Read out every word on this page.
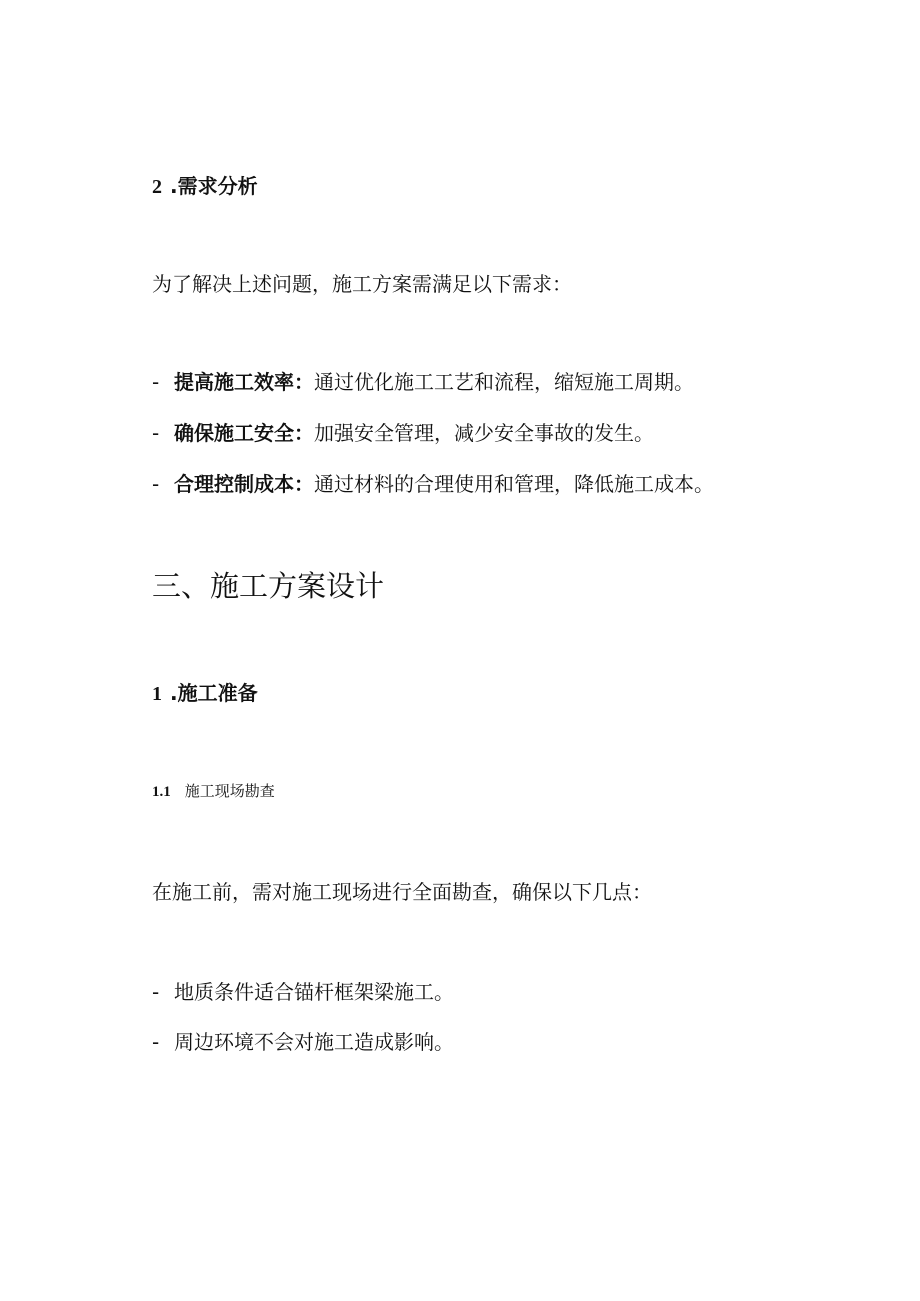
2 .需求分析
为了解决上述问题，施工方案需满足以下需求：
- 提高施工效率：通过优化施工工艺和流程，缩短施工周期。
- 确保施工安全：加强安全管理，减少安全事故的发生。
- 合理控制成本：通过材料的合理使用和管理，降低施工成本。
三、施工方案设计
1 .施工准备
1.1 施工现场勘查
在施工前，需对施工现场进行全面勘查，确保以下几点：
- 地质条件适合锚杆框架梁施工。
- 周边环境不会对施工造成影响。
